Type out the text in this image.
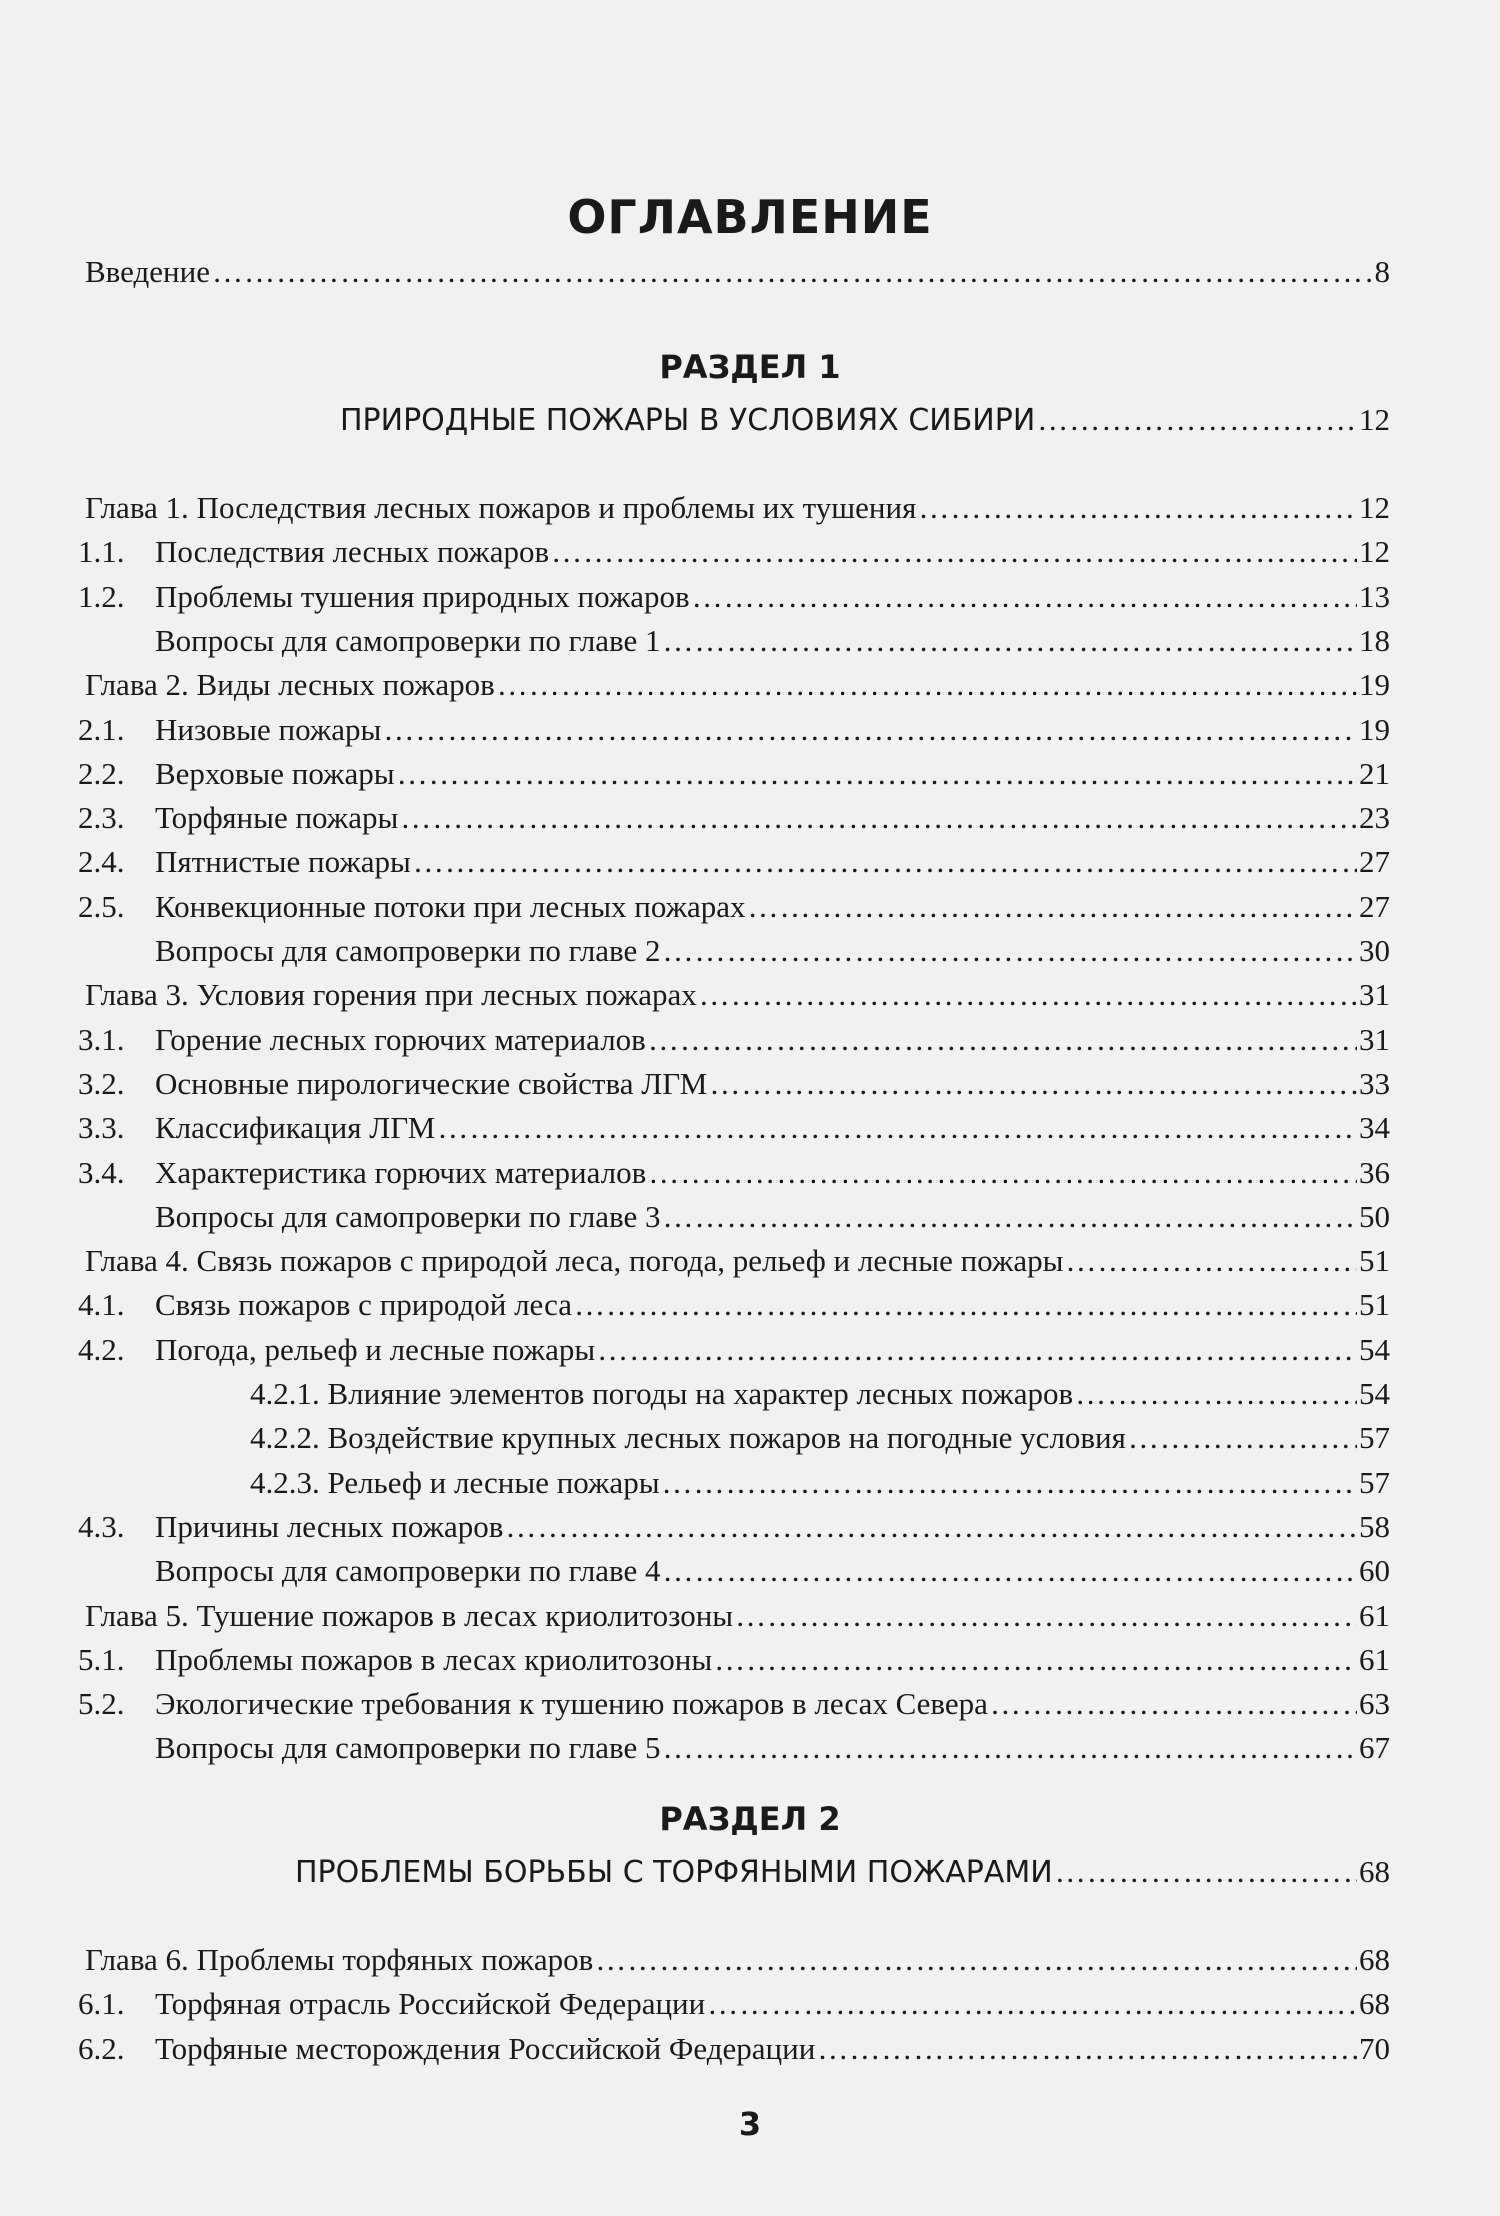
ОГЛАВЛЕНИЕ
Введение ………………………………………………………………………………………………………………………………………………………………………………………………	8
РАЗДЕЛ 1
ПРИРОДНЫЕ ПОЖАРЫ В УСЛОВИЯХ СИБИРИ ………………………………………………………………………………………………………………………………………………………………………………………………	12
Глава 1. Последствия лесных пожаров и проблемы их тушения ………………………………………………………………………………………………………………………………………………………………………………………………	12
1.1. Последствия лесных пожаров ………………………………………………………………………………………………………………………………………………………………………………………………	12
1.2. Проблемы тушения природных пожаров ………………………………………………………………………………………………………………………………………………………………………………………………	13
Вопросы для самопроверки по главе 1 ………………………………………………………………………………………………………………………………………………………………………………………………	18
Глава 2. Виды лесных пожаров ………………………………………………………………………………………………………………………………………………………………………………………………	19
2.1. Низовые пожары ………………………………………………………………………………………………………………………………………………………………………………………………	19
2.2. Верховые пожары ………………………………………………………………………………………………………………………………………………………………………………………………	21
2.3. Торфяные пожары ………………………………………………………………………………………………………………………………………………………………………………………………	23
2.4. Пятнистые пожары ………………………………………………………………………………………………………………………………………………………………………………………………	27
2.5. Конвекционные потоки при лесных пожарах ………………………………………………………………………………………………………………………………………………………………………………………………	27
Вопросы для самопроверки по главе 2 ………………………………………………………………………………………………………………………………………………………………………………………………	30
Глава 3. Условия горения при лесных пожарах ………………………………………………………………………………………………………………………………………………………………………………………………	31
3.1. Горение лесных горючих материалов ………………………………………………………………………………………………………………………………………………………………………………………………	31
3.2. Основные пирологические свойства ЛГМ ………………………………………………………………………………………………………………………………………………………………………………………………	33
3.3. Классификация ЛГМ ………………………………………………………………………………………………………………………………………………………………………………………………	34
3.4. Характеристика горючих материалов ………………………………………………………………………………………………………………………………………………………………………………………………	36
Вопросы для самопроверки по главе 3 ………………………………………………………………………………………………………………………………………………………………………………………………	50
Глава 4. Связь пожаров с природой леса, погода, рельеф и лесные пожары ………………………………………………………………………………………………………………………………………………………………………………………………	51
4.1. Связь пожаров с природой леса ………………………………………………………………………………………………………………………………………………………………………………………………	51
4.2. Погода, рельеф и лесные пожары ………………………………………………………………………………………………………………………………………………………………………………………………	54
4.2.1. Влияние элементов погоды на характер лесных пожаров ………………………………………………………………………………………………………………………………………………………………………………………………	54
4.2.2. Воздействие крупных лесных пожаров на погодные условия ………………………………………………………………………………………………………………………………………………………………………………………………	57
4.2.3. Рельеф и лесные пожары ………………………………………………………………………………………………………………………………………………………………………………………………	57
4.3. Причины лесных пожаров ………………………………………………………………………………………………………………………………………………………………………………………………	58
Вопросы для самопроверки по главе 4 ………………………………………………………………………………………………………………………………………………………………………………………………	60
Глава 5. Тушение пожаров в лесах криолитозоны ………………………………………………………………………………………………………………………………………………………………………………………………	61
5.1. Проблемы пожаров в лесах криолитозоны ………………………………………………………………………………………………………………………………………………………………………………………………	61
5.2. Экологические требования к тушению пожаров в лесах Севера ………………………………………………………………………………………………………………………………………………………………………………………………	63
Вопросы для самопроверки по главе 5 ………………………………………………………………………………………………………………………………………………………………………………………………	67
РАЗДЕЛ 2
ПРОБЛЕМЫ БОРЬБЫ С ТОРФЯНЫМИ ПОЖАРАМИ ………………………………………………………………………………………………………………………………………………………………………………………………	68
Глава 6. Проблемы торфяных пожаров ………………………………………………………………………………………………………………………………………………………………………………………………	68
6.1. Торфяная отрасль Российской Федерации ………………………………………………………………………………………………………………………………………………………………………………………………	68
6.2. Торфяные месторождения Российской Федерации ………………………………………………………………………………………………………………………………………………………………………………………………	70
3
